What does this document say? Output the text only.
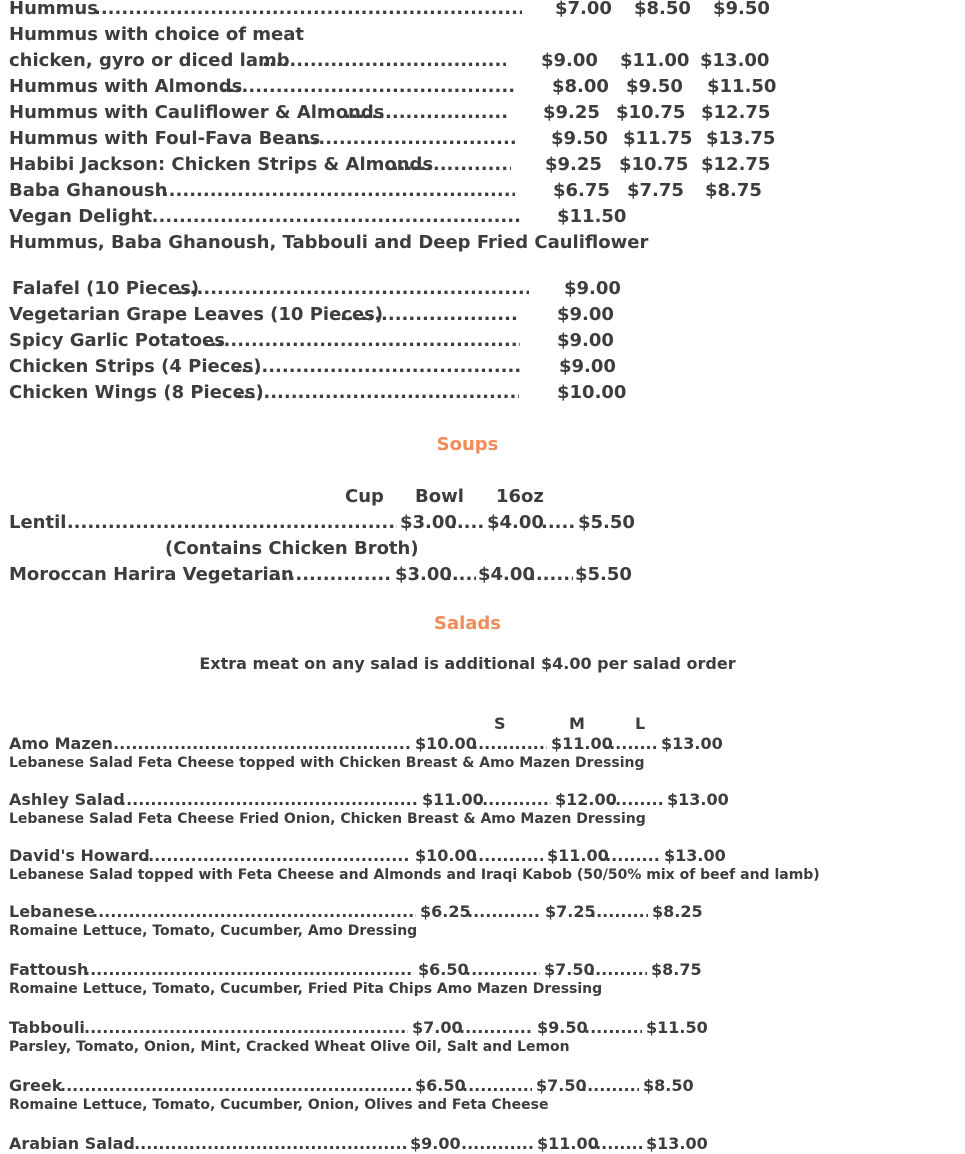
Hummus .....	$7.00 $8.50 $9.50
Hummus with choice of meat
chicken, gyro or diced lamb .....	$9.00 $11.00 $13.00
Hummus with Almonds .....	$8.00 $9.50 $11.50
Hummus with Cauliflower & Almonds .....	$9.25 $10.75 $12.75
Hummus with Foul-Fava Beans .....	$9.50 $11.75 $13.75
Habibi Jackson: Chicken Strips & Almonds .....	$9.25 $10.75 $12.75
Baba Ghanoush .....	$6.75 $7.75 $8.75
Vegan Delight .....	$11.50
Hummus, Baba Ghanoush, Tabbouli and Deep Fried Cauliflower
Falafel (10 Pieces) .....	$9.00
Vegetarian Grape Leaves (10 Pieces) .....	$9.00
Spicy Garlic Potatoes .....	$9.00
Chicken Strips (4 Pieces) .....	$9.00
Chicken Wings (8 Pieces) .....	$10.00
Soups
Cup Bowl 16oz
Lentil .....	$3.00 ..... $4.00 ..... $5.50
(Contains Chicken Broth)
Moroccan Harira Vegetarian .....	$3.00 ..... $4.00 ..... $5.50
Salads
Extra meat on any salad is additional $4.00 per salad order
S	M	L
Amo Mazen .....	$10.00 .....	$11.00 .....	$13.00
Lebanese Salad Feta Cheese topped with Chicken Breast & Amo Mazen Dressing
Ashley Salad .....	$11.00 .....	$12.00 .....	$13.00
Lebanese Salad Feta Cheese Fried Onion, Chicken Breast & Amo Mazen Dressing
David's Howard .....	$10.00 .....	$11.00 .....	$13.00
Lebanese Salad topped with Feta Cheese and Almonds and Iraqi Kabob (50/50% mix of beef and lamb)
Lebanese .....	$6.25 .....	$7.25 .....	$8.25
Romaine Lettuce, Tomato, Cucumber, Amo Dressing
Fattoush .....	$6.50 .....	$7.50 .....	$8.75
Romaine Lettuce, Tomato, Cucumber, Fried Pita Chips Amo Mazen Dressing
Tabbouli .....	$7.00 .....	$9.50 .....	$11.50
Parsley, Tomato, Onion, Mint, Cracked Wheat Olive Oil, Salt and Lemon
Greek .....	$6.50 .....	$7.50 .....	$8.50
Romaine Lettuce, Tomato, Cucumber, Onion, Olives and Feta Cheese
Arabian Salad .....	$9.00 .....	$11.00 .....	$13.00
